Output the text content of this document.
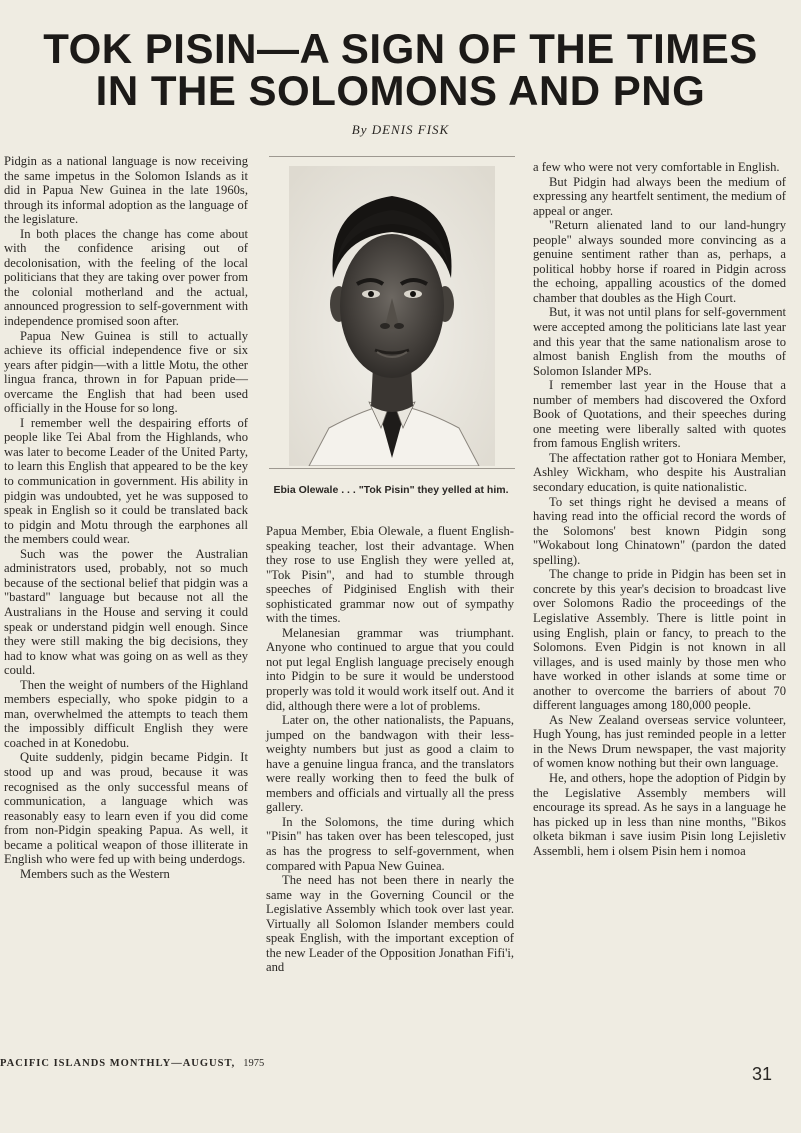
TOK PISIN—A SIGN OF THE TIMES
IN THE SOLOMONS AND PNG
By DENIS FISK

Pidgin as a national language is now receiving the same impetus in the Solomon Islands as it did in Papua New Guinea in the late 1960s, through its informal adoption as the language of the legislature.

In both places the change has come about with the confidence arising out of decolonisation, with the feeling of the local politicians that they are taking over power from the colonial motherland and the actual, announced progression to self-government with independence promised soon after.

Papua New Guinea is still to actually achieve its official independence five or six years after pidgin—with a little Motu, the other lingua franca, thrown in for Papuan pride—overcame the English that had been used officially in the House for so long.

I remember well the despairing efforts of people like Tei Abal from the Highlands, who was later to become Leader of the United Party, to learn this English that appeared to be the key to communication in government. His ability in pidgin was undoubted, yet he was supposed to speak in English so it could be translated back to pidgin and Motu through the earphones all the members could wear.

Such was the power the Australian administrators used, probably, not so much because of the sectional belief that pidgin was a "bastard" language but because not all the Australians in the House and serving it could speak or understand pidgin well enough. Since they were still making the big decisions, they had to know what was going on as well as they could.

Then the weight of numbers of the Highland members especially, who spoke pidgin to a man, overwhelmed the attempts to teach them the impossibly difficult English they were coached in at Konedobu.

Quite suddenly, pidgin became Pidgin. It stood up and was proud, because it was recognised as the only successful means of communication, a language which was reasonably easy to learn even if you did come from non-Pidgin speaking Papua. As well, it became a political weapon of those illiterate in English who were fed up with being underdogs.

Members such as the Western

Ebia Olewale . . . "Tok Pisin" they yelled at him.

Papua Member, Ebia Olewale, a fluent English-speaking teacher, lost their advantage. When they rose to use English they were yelled at, "Tok Pisin", and had to stumble through speeches of Pidginised English with their sophisticated grammar now out of sympathy with the times.

Melanesian grammar was triumphant. Anyone who continued to argue that you could not put legal English language precisely enough into Pidgin to be sure it would be understood properly was told it would work itself out. And it did, although there were a lot of problems.

Later on, the other nationalists, the Papuans, jumped on the bandwagon with their less-weighty numbers but just as good a claim to have a genuine lingua franca, and the translators were really working then to feed the bulk of members and officials and virtually all the press gallery.

In the Solomons, the time during which "Pisin" has taken over has been telescoped, just as has the progress to self-government, when compared with Papua New Guinea.

The need has not been there in nearly the same way in the Governing Council or the Legislative Assembly which took over last year. Virtually all Solomon Islander members could speak English, with the important exception of the new Leader of the Opposition Jonathan Fifi'i, and

a few who were not very comfortable in English.

But Pidgin had always been the medium of expressing any heartfelt sentiment, the medium of appeal or anger.

"Return alienated land to our land-hungry people" always sounded more convincing as a genuine sentiment rather than as, perhaps, a political hobby horse if roared in Pidgin across the echoing, appalling acoustics of the domed chamber that doubles as the High Court.

But, it was not until plans for self-government were accepted among the politicians late last year and this year that the same nationalism arose to almost banish English from the mouths of Solomon Islander MPs.

I remember last year in the House that a number of members had discovered the Oxford Book of Quotations, and their speeches during one meeting were liberally salted with quotes from famous English writers.

The affectation rather got to Honiara Member, Ashley Wickham, who despite his Australian secondary education, is quite nationalistic.

To set things right he devised a means of having read into the official record the words of the Solomons' best known Pidgin song "Wokabout long Chinatown" (pardon the dated spelling).

The change to pride in Pidgin has been set in concrete by this year's decision to broadcast live over Solomons Radio the proceedings of the Legislative Assembly. There is little point in using English, plain or fancy, to preach to the Solomons. Even Pidgin is not known in all villages, and is used mainly by those men who have worked in other islands at some time or another to overcome the barriers of about 70 different languages among 180,000 people.

As New Zealand overseas service volunteer, Hugh Young, has just reminded people in a letter in the News Drum newspaper, the vast majority of women know nothing but their own language.

He, and others, hope the adoption of Pidgin by the Legislative Assembly members will encourage its spread. As he says in a language he has picked up in less than nine months, "Bikos olketa bikman i save iusim Pisin long Lejisletiv Assembli, hem i olsem Pisin hem i nomoa

PACIFIC ISLANDS MONTHLY—AUGUST, 1975
31
